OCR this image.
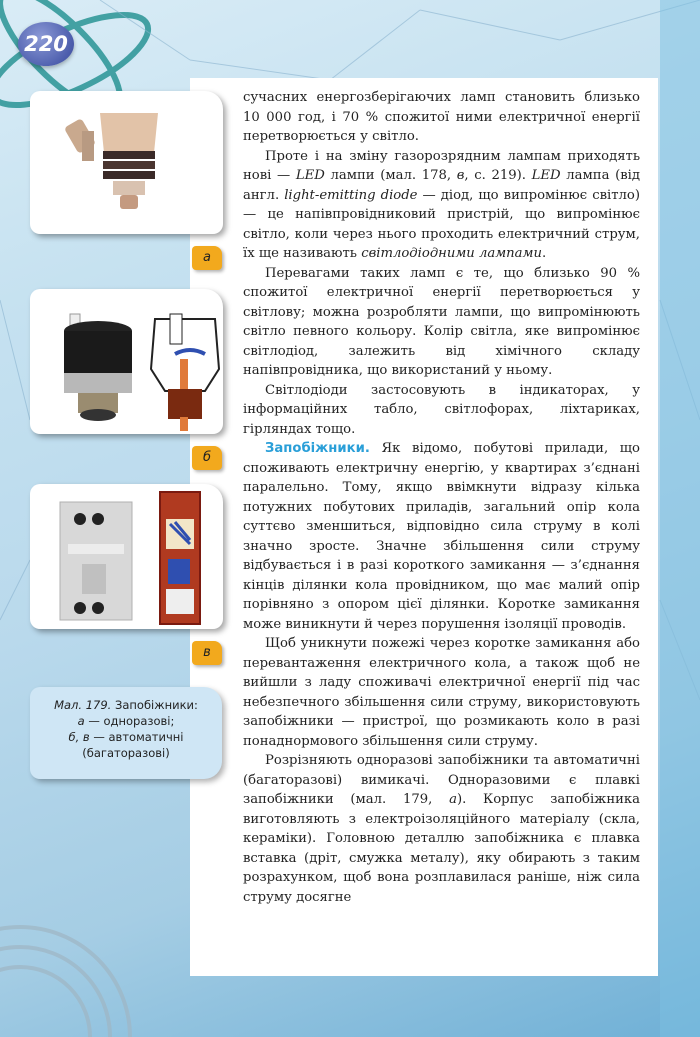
220
а
б
в
Мал. 179. Запобіжники:
а — одноразові;
б, в — автоматичні
(багаторазові)

сучасних енергозберігаючих ламп становить близько 10 000 год, і 70 % спожитої ними електричної енергії перетворюється у світло.

Проте і на зміну газорозрядним лампам приходять нові — LED лампи (мал. 178, в, с. 219). LED лампа (від англ. light-emitting diode — діод, що випромінює світло) — це напівпровідниковий пристрій, що випромінює світло, коли через нього проходить електричний струм, їх ще називають світлодіодними лампами.

Перевагами таких ламп є те, що близько 90 % спожитої електричної енергії перетворюється у світлову; можна розробляти лампи, що випромінюють світло певного кольору. Колір світла, яке випромінює світлодіод, залежить від хімічного складу напівпровідника, що використаний у ньому.

Світлодіоди застосовують в індикаторах, у інформаційних табло, світлофорах, ліхтариках, гірляндах тощо.

Запобіжники. Як відомо, побутові прилади, що споживають електричну енергію, у квартирах з’єднані паралельно. Тому, якщо ввімкнути відразу кілька потужних побутових приладів, загальний опір кола суттєво зменшиться, відповідно сила струму в колі значно зросте. Значне збільшення сили струму відбувається і в разі короткого замикання — з’єднання кінців ділянки кола провідником, що має малий опір порівняно з опором цієї ділянки. Коротке замикання може виникнути й через порушення ізоляції проводів.

Щоб уникнути пожежі через коротке замикання або перевантаження електричного кола, а також щоб не вийшли з ладу споживачі електричної енергії під час небезпечного збільшення сили струму, використовують запобіжники — пристрої, що розмикають коло в разі понаднормового збільшення сили струму.

Розрізняють одноразові запобіжники та автоматичні (багаторазові) вимикачі. Одноразовими є плавкі запобіжники (мал. 179, а). Корпус запобіжника виготовляють з електроізоляційного матеріалу (скла, кераміки). Головною деталлю запобіжника є плавка вставка (дріт, смужка металу), яку обирають з таким розрахунком, щоб вона розплавилася раніше, ніж сила струму досягне
